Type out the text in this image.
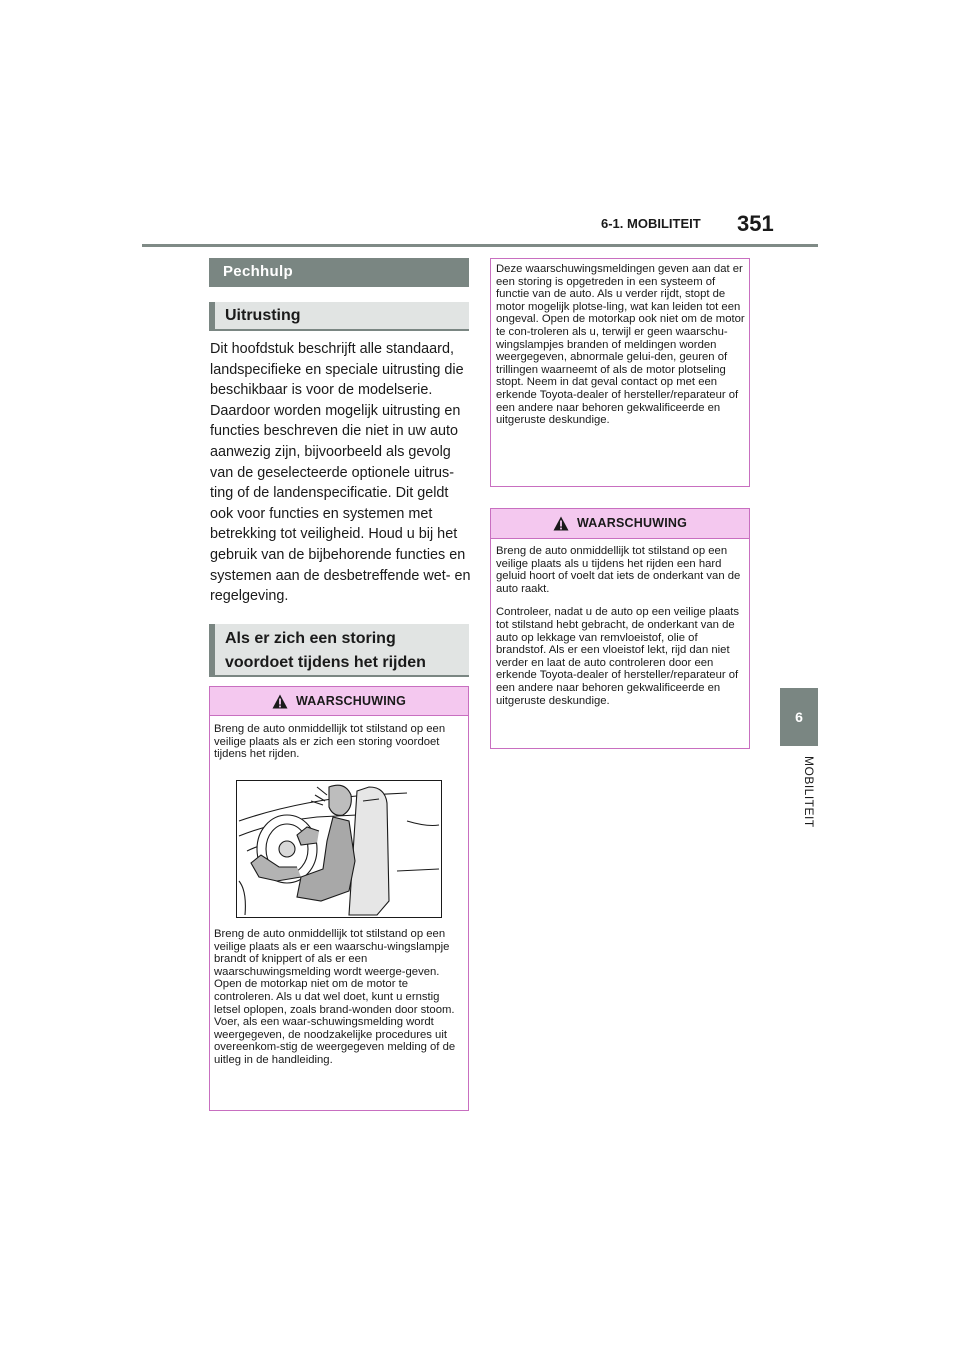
6-1. MOBILITEIT 351
6
MOBILITEIT
Pechhulp
Uitrusting

Dit hoofdstuk beschrijft alle standaard, landspecifieke en speciale uitrusting die beschikbaar is voor de modelserie. Daardoor worden mogelijk uitrusting en functies beschreven die niet in uw auto aanwezig zijn, bijvoorbeeld als gevolg van de geselecteerde optionele uitrus-ting of de landenspecificatie. Dit geldt ook voor functies en systemen met betrekking tot veiligheid. Houd u bij het gebruik van de bijbehorende functies en systemen aan de desbetreffende wet- en regelgeving.

Als er zich een storing
voordoet tijdens het rijden
WAARSCHUWING

Breng de auto onmiddellijk tot stilstand op een veilige plaats als er zich een storing voordoet tijdens het rijden.

Breng de auto onmiddellijk tot stilstand op een veilige plaats als er een waarschu-wingslampje brandt of knippert of als er een waarschuwingsmelding wordt weerge-geven. Open de motorkap niet om de motor te controleren. Als u dat wel doet, kunt u ernstig letsel oplopen, zoals brand-wonden door stoom. Voer, als een waar-schuwingsmelding wordt weergegeven, de noodzakelijke procedures uit overeenkom-stig de weergegeven melding of de uitleg in de handleiding.

Deze waarschuwingsmeldingen geven aan dat er een storing is opgetreden in een systeem of functie van de auto. Als u verder rijdt, stopt de motor mogelijk plotse-ling, wat kan leiden tot een ongeval. Open de motorkap ook niet om de motor te con-troleren als u, terwijl er geen waarschu-wingslampjes branden of meldingen worden weergegeven, abnormale gelui-den, geuren of trillingen waarneemt of als de motor plotseling stopt. Neem in dat geval contact op met een erkende Toyota-dealer of hersteller/reparateur of een andere naar behoren gekwalificeerde en uitgeruste deskundige.

WAARSCHUWING

Breng de auto onmiddellijk tot stilstand op een veilige plaats als u tijdens het rijden een hard geluid hoort of voelt dat iets de onderkant van de auto raakt.

Controleer, nadat u de auto op een veilige plaats tot stilstand hebt gebracht, de onderkant van de auto op lekkage van remvloeistof, olie of brandstof. Als er een vloeistof lekt, rijd dan niet verder en laat de auto controleren door een erkende Toyota-dealer of hersteller/reparateur of een andere naar behoren gekwalificeerde en uitgeruste deskundige.
